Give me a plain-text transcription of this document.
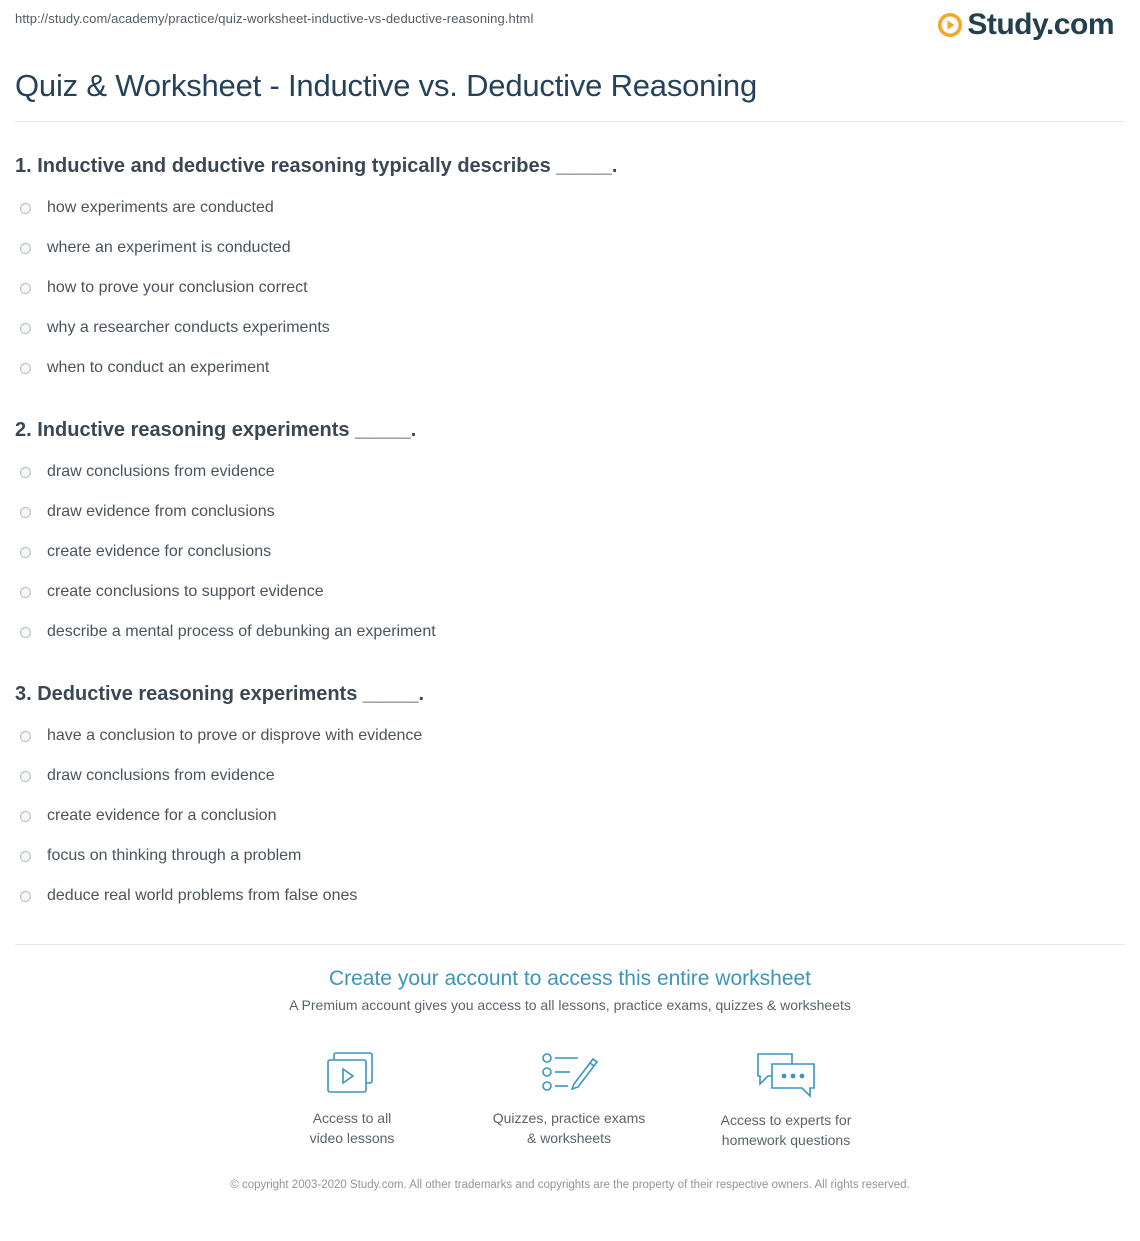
http://study.com/academy/practice/quiz-worksheet-inductive-vs-deductive-reasoning.html	Study.com
Quiz & Worksheet - Inductive vs. Deductive Reasoning
1. Inductive and deductive reasoning typically describes _____.
how experiments are conducted
where an experiment is conducted
how to prove your conclusion correct
why a researcher conducts experiments
when to conduct an experiment
2. Inductive reasoning experiments _____.
draw conclusions from evidence
draw evidence from conclusions
create evidence for conclusions
create conclusions to support evidence
describe a mental process of debunking an experiment
3. Deductive reasoning experiments _____.
have a conclusion to prove or disprove with evidence
draw conclusions from evidence
create evidence for a conclusion
focus on thinking through a problem
deduce real world problems from false ones
Create your account to access this entire worksheet
A Premium account gives you access to all lessons, practice exams, quizzes & worksheets
Access to all
video lessons
Quizzes, practice exams
& worksheets
Access to experts for
homework questions
© copyright 2003-2020 Study.com. All other trademarks and copyrights are the property of their respective owners. All rights reserved.
